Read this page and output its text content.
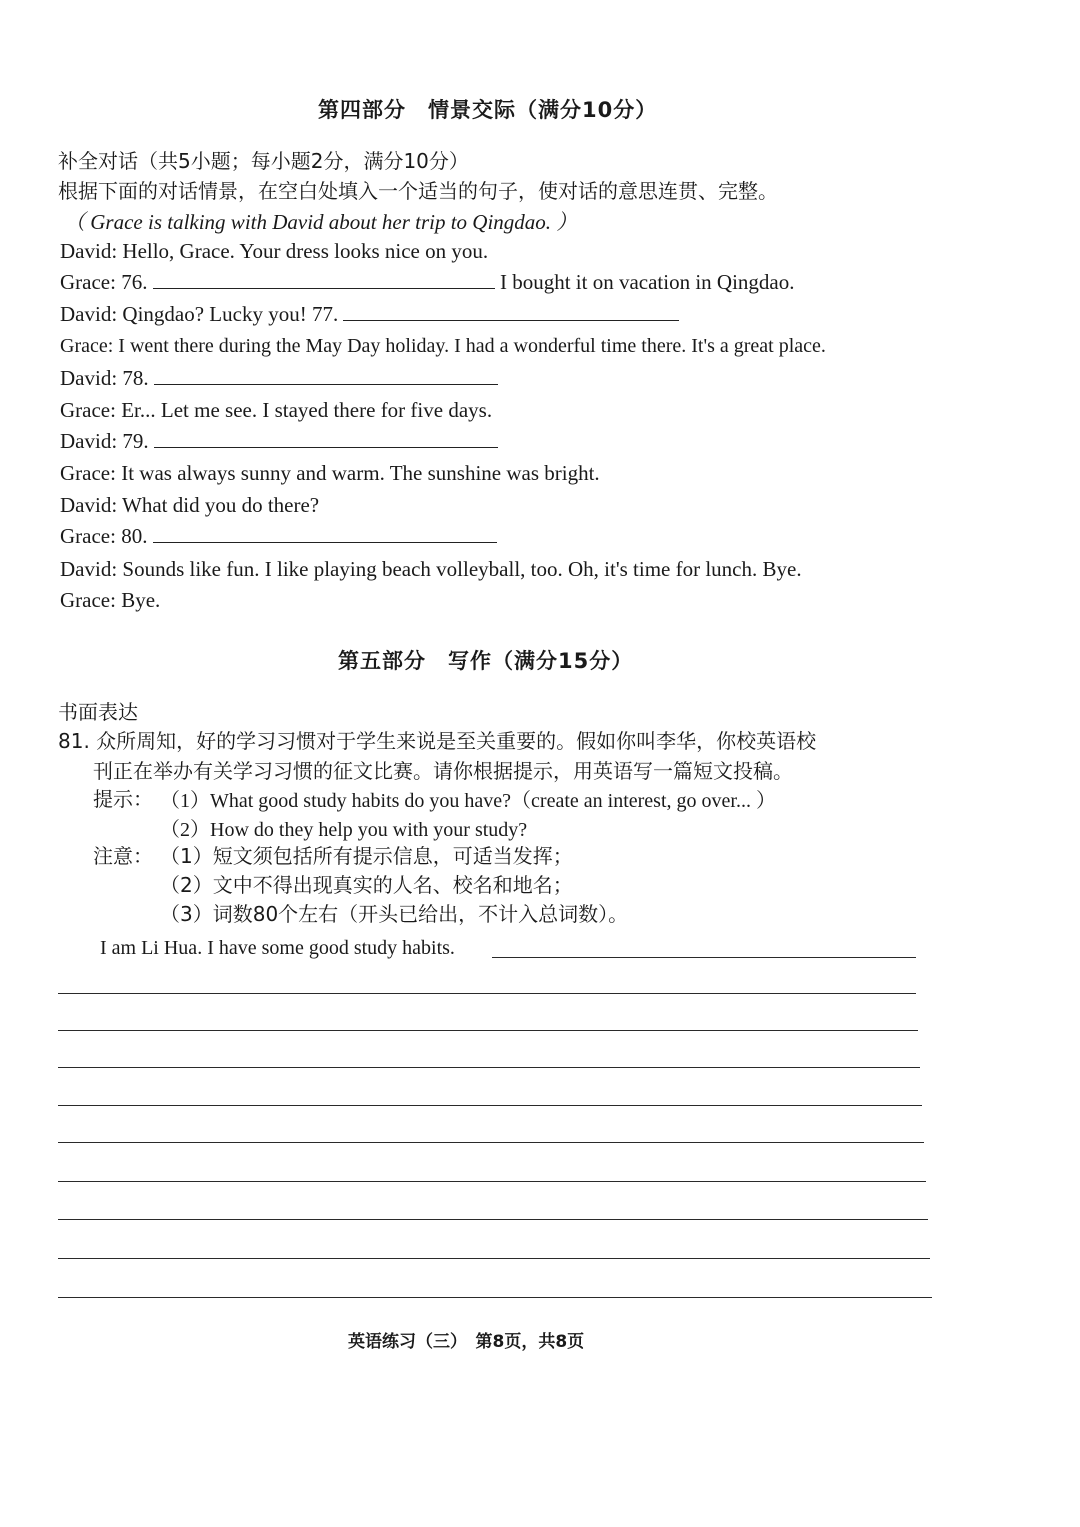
第四部分　情景交际（满分10分）
补全对话（共5小题；每小题2分，满分10分）
根据下面的对话情景，在空白处填入一个适当的句子，使对话的意思连贯、完整。
（ Grace is talking with David about her trip to Qingdao. ）
David: Hello, Grace. Your dress looks nice on you.
Grace: 76.	I bought it on vacation in Qingdao.
David: Qingdao? Lucky you! 77.
Grace: I went there during the May Day holiday. I had a wonderful time there. It's a great place.
David: 78.
Grace: Er... Let me see. I stayed there for five days.
David: 79.
Grace: It was always sunny and warm. The sunshine was bright.
David: What did you do there?
Grace: 80.
David: Sounds like fun. I like playing beach volleyball, too. Oh, it's time for lunch. Bye.
Grace: Bye.
第五部分　写作（满分15分）
书面表达
81. 众所周知，好的学习习惯对于学生来说是至关重要的。假如你叫李华，你校英语校
刊正在举办有关学习习惯的征文比赛。请你根据提示，用英语写一篇短文投稿。
提示： （1）What good study habits do you have?（create an interest, go over... ）
（2）How do they help you with your study?
注意： （1）短文须包括所有提示信息，可适当发挥；
（2）文中不得出现真实的人名、校名和地名；
（3）词数80个左右（开头已给出，不计入总词数）。
I am Li Hua. I have some good study habits.
英语练习（三）　第8页，共8页
